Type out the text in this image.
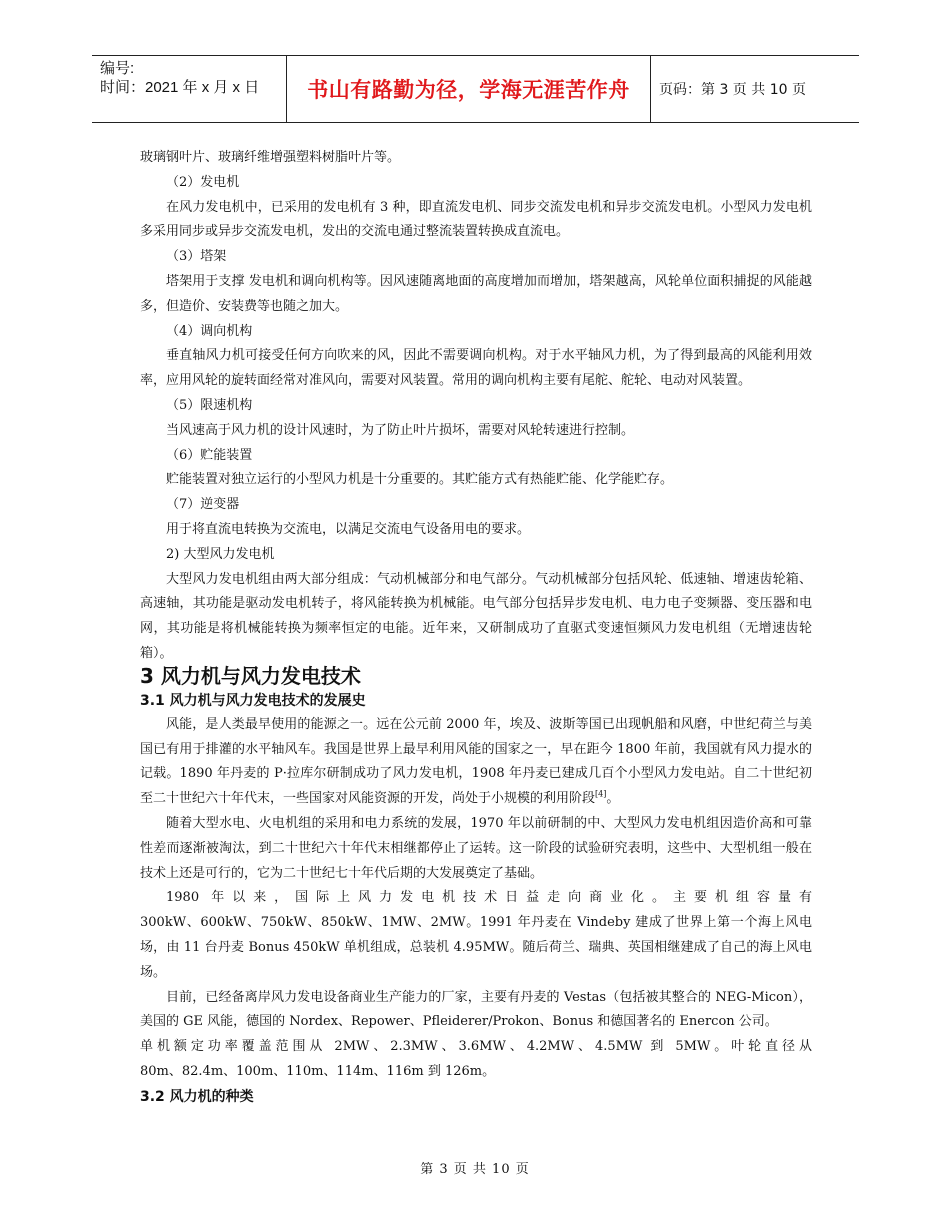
编号:
时间：2021 年 x 月 x 日	书山有路勤为径，学海无涯苦作舟 页码：第 3 页 共 10 页

玻璃钢叶片、玻璃纤维增强塑料树脂叶片等。

（2）发电机

在风力发电机中，已采用的发电机有 3 种，即直流发电机、同步交流发电机和异步交流发电机。小型风力发电机多采用同步或异步交流发电机，发出的交流电通过整流装置转换成直流电。

（3）塔架

塔架用于支撑 发电机和调向机构等。因风速随离地面的高度增加而增加，塔架越高，风轮单位面积捕捉的风能越多，但造价、安装费等也随之加大。

（4）调向机构

垂直轴风力机可接受任何方向吹来的风，因此不需要调向机构。对于水平轴风力机，为了得到最高的风能利用效率，应用风轮的旋转面经常对准风向，需要对风装置。常用的调向机构主要有尾舵、舵轮、电动对风装置。

（5）限速机构

当风速高于风力机的设计风速时，为了防止叶片损坏，需要对风轮转速进行控制。

（6）贮能装置

贮能装置对独立运行的小型风力机是十分重要的。其贮能方式有热能贮能、化学能贮存。

（7）逆变器

用于将直流电转换为交流电，以满足交流电气设备用电的要求。

2) 大型风力发电机

大型风力发电机组由两大部分组成：气动机械部分和电气部分。气动机械部分包括风轮、低速轴、增速齿轮箱、高速轴，其功能是驱动发电机转子，将风能转换为机械能。电气部分包括异步发电机、电力电子变频器、变压器和电网，其功能是将机械能转换为频率恒定的电能。近年来，又研制成功了直驱式变速恒频风力发电机组（无增速齿轮箱）。

3 风力机与风力发电技术
3.1 风力机与风力发电技术的发展史

风能，是人类最早使用的能源之一。远在公元前 2000 年，埃及、波斯等国已出现帆船和风磨，中世纪荷兰与美国已有用于排灌的水平轴风车。我国是世界上最早利用风能的国家之一，早在距今 1800 年前，我国就有风力提水的记载。1890 年丹麦的 P·拉库尔研制成功了风力发电机，1908 年丹麦已建成几百个小型风力发电站。自二十世纪初至二十世纪六十年代末，一些国家对风能资源的开发，尚处于小规模的利用阶段[4]。

随着大型水电、火电机组的采用和电力系统的发展，1970 年以前研制的中、大型风力发电机组因造价高和可靠性差而逐渐被淘汰，到二十世纪六十年代末相继都停止了运转。这一阶段的试验研究表明，这些中、大型机组一般在技术上还是可行的，它为二十世纪七十年代后期的大发展奠定了基础。

1980 年以来，国际上风力发电机技术日益走向商业化。主要机组容量有

300kW、600kW、750kW、850kW、1MW、2MW。1991 年丹麦在 Vindeby 建成了世界上第一个海上风电场，由 11 台丹麦 Bonus 450kW 单机组成，总装机 4.95MW。随后荷兰、瑞典、英国相继建成了自己的海上风电场。

目前，已经备离岸风力发电设备商业生产能力的厂家，主要有丹麦的 Vestas（包括被其整合的 NEG-Micon），美国的 GE 风能，德国的 Nordex、Repower、Pfleiderer/Prokon、Bonus 和德国著名的 Enercon 公司。

单机额定功率覆盖范围从 2MW、2.3MW、3.6MW、4.2MW、4.5MW 到 5MW。叶轮直径从

80m、82.4m、100m、110m、114m、116m 到 126m。

3.2 风力机的种类
第 3 页 共 10 页
